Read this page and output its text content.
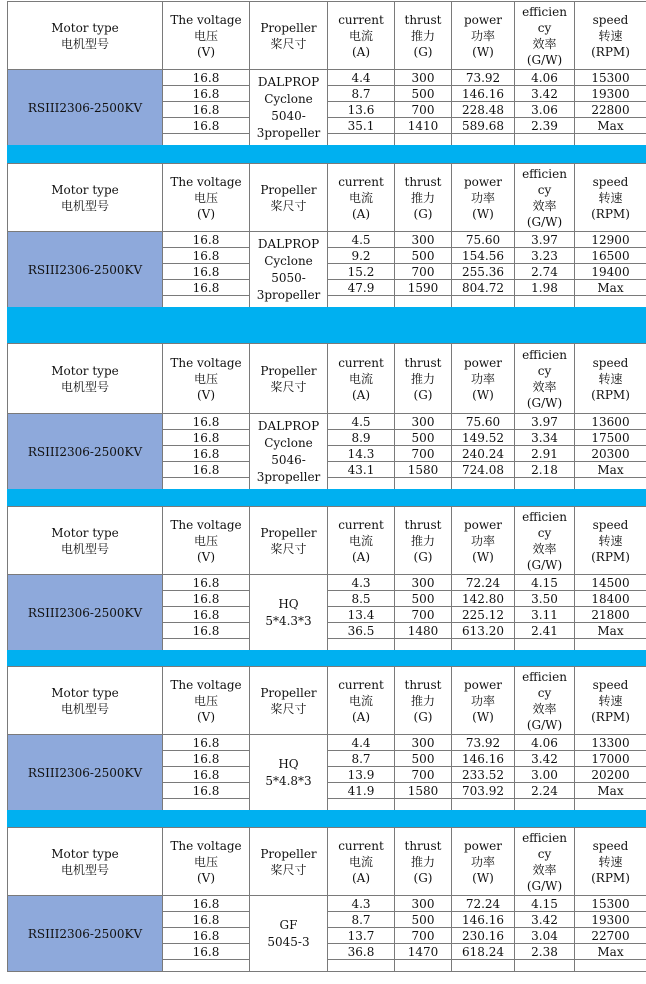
Motor type
电机型号	The voltage
电压
(V)	Propeller
桨尺寸	current
电流
(A)	thrust
推力
(G)	power
功率
(W)	efficien
cy
效率
(G/W)	speed
转速
(RPM)

RSIII2306-2500KV	16.8	DALPROP
Cyclone
5040-
3propeller	4.4	300	73.92	4.06	15300
	16.8		8.7	500	146.16	3.42	19300
	16.8		13.6	700	228.48	3.06	22800
	16.8		35.1	1410	589.68	2.39	Max

Motor type
电机型号	The voltage
电压
(V)	Propeller
桨尺寸	current
电流
(A)	thrust
推力
(G)	power
功率
(W)	efficien
cy
效率
(G/W)	speed
转速
(RPM)

RSIII2306-2500KV	16.8	DALPROP
Cyclone
5050-
3propeller	4.5	300	75.60	3.97	12900
	16.8		9.2	500	154.56	3.23	16500
	16.8		15.2	700	255.36	2.74	19400
	16.8		47.9	1590	804.72	1.98	Max

Motor type
电机型号	The voltage
电压
(V)	Propeller
桨尺寸	current
电流
(A)	thrust
推力
(G)	power
功率
(W)	efficien
cy
效率
(G/W)	speed
转速
(RPM)

RSIII2306-2500KV	16.8	DALPROP
Cyclone
5046-
3propeller	4.5	300	75.60	3.97	13600
	16.8		8.9	500	149.52	3.34	17500
	16.8		14.3	700	240.24	2.91	20300
	16.8		43.1	1580	724.08	2.18	Max

Motor type
电机型号	The voltage
电压
(V)	Propeller
桨尺寸	current
电流
(A)	thrust
推力
(G)	power
功率
(W)	efficien
cy
效率
(G/W)	speed
转速
(RPM)

RSIII2306-2500KV	16.8	HQ
5*4.3*3	4.3	300	72.24	4.15	14500
	16.8		8.5	500	142.80	3.50	18400
	16.8		13.4	700	225.12	3.11	21800
	16.8		36.5	1480	613.20	2.41	Max

Motor type
电机型号	The voltage
电压
(V)	Propeller
桨尺寸	current
电流
(A)	thrust
推力
(G)	power
功率
(W)	efficien
cy
效率
(G/W)	speed
转速
(RPM)

RSIII2306-2500KV	16.8	HQ
5*4.8*3	4.4	300	73.92	4.06	13300
	16.8		8.7	500	146.16	3.42	17000
	16.8		13.9	700	233.52	3.00	20200
	16.8		41.9	1580	703.92	2.24	Max

Motor type
电机型号	The voltage
电压
(V)	Propeller
桨尺寸	current
电流
(A)	thrust
推力
(G)	power
功率
(W)	efficien
cy
效率
(G/W)	speed
转速
(RPM)

RSIII2306-2500KV	16.8	GF
5045-3	4.3	300	72.24	4.15	15300
	16.8		8.7	500	146.16	3.42	19300
	16.8		13.7	700	230.16	3.04	22700
	16.8		36.8	1470	618.24	2.38	Max
